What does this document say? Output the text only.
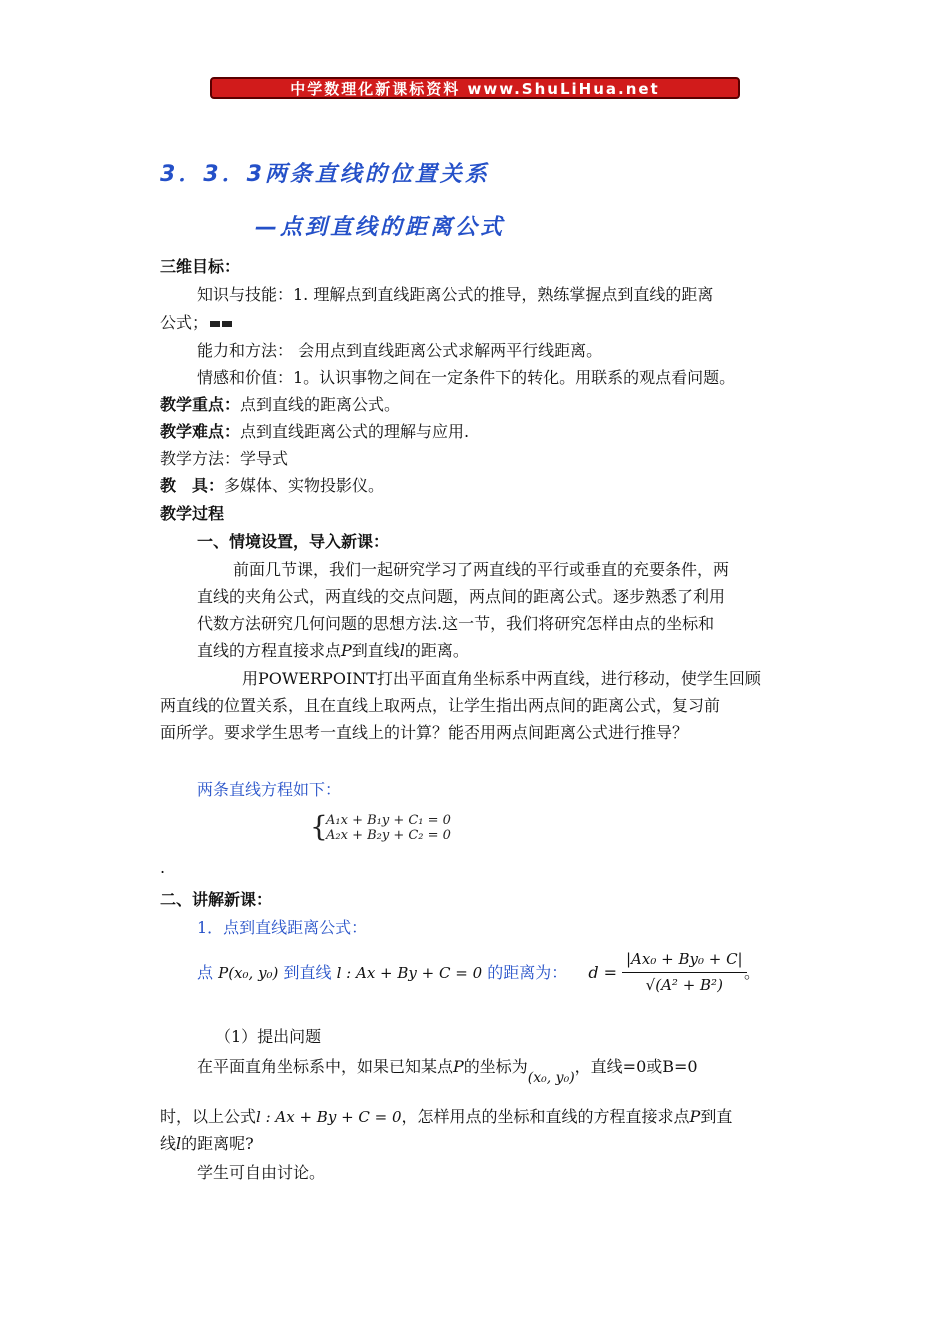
中学数理化新课标资料 www.ShuLiHua.net
3．3．3两条直线的位置关系
—点到直线的距离公式
三维目标：
知识与技能：1. 理解点到直线距离公式的推导，熟练掌握点到直线的距离
公式；
能力和方法： 会用点到直线距离公式求解两平行线距离。
情感和价值：1。认识事物之间在一定条件下的转化。用联系的观点看问题。
教学重点：点到直线的距离公式。
教学难点：点到直线距离公式的理解与应用.
教学方法：学导式
教　具：多媒体、实物投影仪。
教学过程
一、情境设置，导入新课：
前面几节课，我们一起研究学习了两直线的平行或垂直的充要条件，两
直线的夹角公式，两直线的交点问题，两点间的距离公式。逐步熟悉了利用
代数方法研究几何问题的思想方法.这一节，我们将研究怎样由点的坐标和
直线的方程直接求点P到直线l的距离。
用POWERPOINT打出平面直角坐标系中两直线，进行移动，使学生回顾
两直线的位置关系，且在直线上取两点，让学生指出两点间的距离公式，复习前
面所学。要求学生思考一直线上的计算？能否用两点间距离公式进行推导？
两条直线方程如下：
{
A₁x + B₁y + C₁ = 0
A₂x + B₂y + C₂ = 0
.
二、讲解新课：
1．点到直线距离公式：
点 P(x₀, y₀) 到直线 l : Ax + By + C = 0 的距离为： d =
|Ax₀ + By₀ + C|
√(A² + B²)
。
（1）提出问题
在平面直角坐标系中，如果已知某点P的坐标为(x₀, y₀)，直线=0或B=0
时，以上公式l : Ax + By + C = 0，怎样用点的坐标和直线的方程直接求点P到直
线l的距离呢?
学生可自由讨论。
